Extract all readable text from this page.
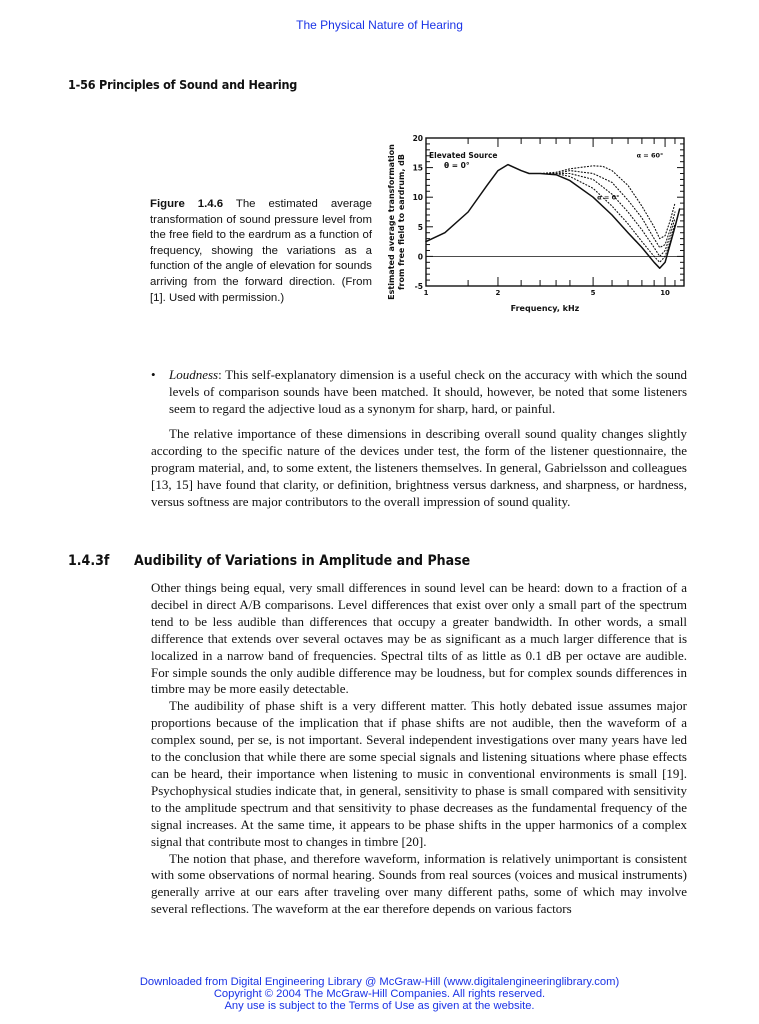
The Physical Nature of Hearing
1-56 Principles of Sound and Hearing
Figure 1.4.6 The estimated average transformation of sound pressure level from the free field to the eardrum as a function of frequency, showing the variations as a function of the angle of elevation for sounds arriving from the forward direction. (From [1]. Used with permission.)
20
15
10
5
0
-5
1	2	5	10
Frequency, kHz
Estimated average transformation from free field to eardrum, dB	Elevated Source
θ = 0°
α = 60°
α = 0°
• Loudness: This self-explanatory dimension is a useful check on the accuracy with which the sound levels of comparison sounds have been matched. It should, however, be noted that some listeners seem to regard the adjective loud as a synonym for sharp, hard, or painful.

The relative importance of these dimensions in describing overall sound quality changes slightly according to the specific nature of the devices under test, the form of the listener questionnaire, the program material, and, to some extent, the listeners themselves. In general, Gabrielsson and colleagues [13, 15] have found that clarity, or definition, brightness versus darkness, and sharpness, or hardness, versus softness are major contributors to the overall impression of sound quality.

1.4.3f Audibility of Variations in Amplitude and Phase

Other things being equal, very small differences in sound level can be heard: down to a fraction of a decibel in direct A/B comparisons. Level differences that exist over only a small part of the spectrum tend to be less audible than differences that occupy a greater bandwidth. In other words, a small difference that extends over several octaves may be as significant as a much larger difference that is localized in a narrow band of frequencies. Spectral tilts of as little as 0.1 dB per octave are audible. For simple sounds the only audible difference may be loudness, but for complex sounds differences in timbre may be more easily detectable.

The audibility of phase shift is a very different matter. This hotly debated issue assumes major proportions because of the implication that if phase shifts are not audible, then the waveform of a complex sound, per se, is not important. Several independent investigations over many years have led to the conclusion that while there are some special signals and listening situations where phase effects can be heard, their importance when listening to music in conventional environments is small [19]. Psychophysical studies indicate that, in general, sensitivity to phase is small compared with sensitivity to the amplitude spectrum and that sensitivity to phase decreases as the fundamental frequency of the signal increases. At the same time, it appears to be phase shifts in the upper harmonics of a complex signal that contribute most to changes in timbre [20].

The notion that phase, and therefore waveform, information is relatively unimportant is consistent with some observations of normal hearing. Sounds from real sources (voices and musical instruments) generally arrive at our ears after traveling over many different paths, some of which may involve several reflections. The waveform at the ear therefore depends on various factors

Downloaded from Digital Engineering Library @ McGraw-Hill (www.digitalengineeringlibrary.com)
Copyright © 2004 The McGraw-Hill Companies. All rights reserved.
Any use is subject to the Terms of Use as given at the website.
